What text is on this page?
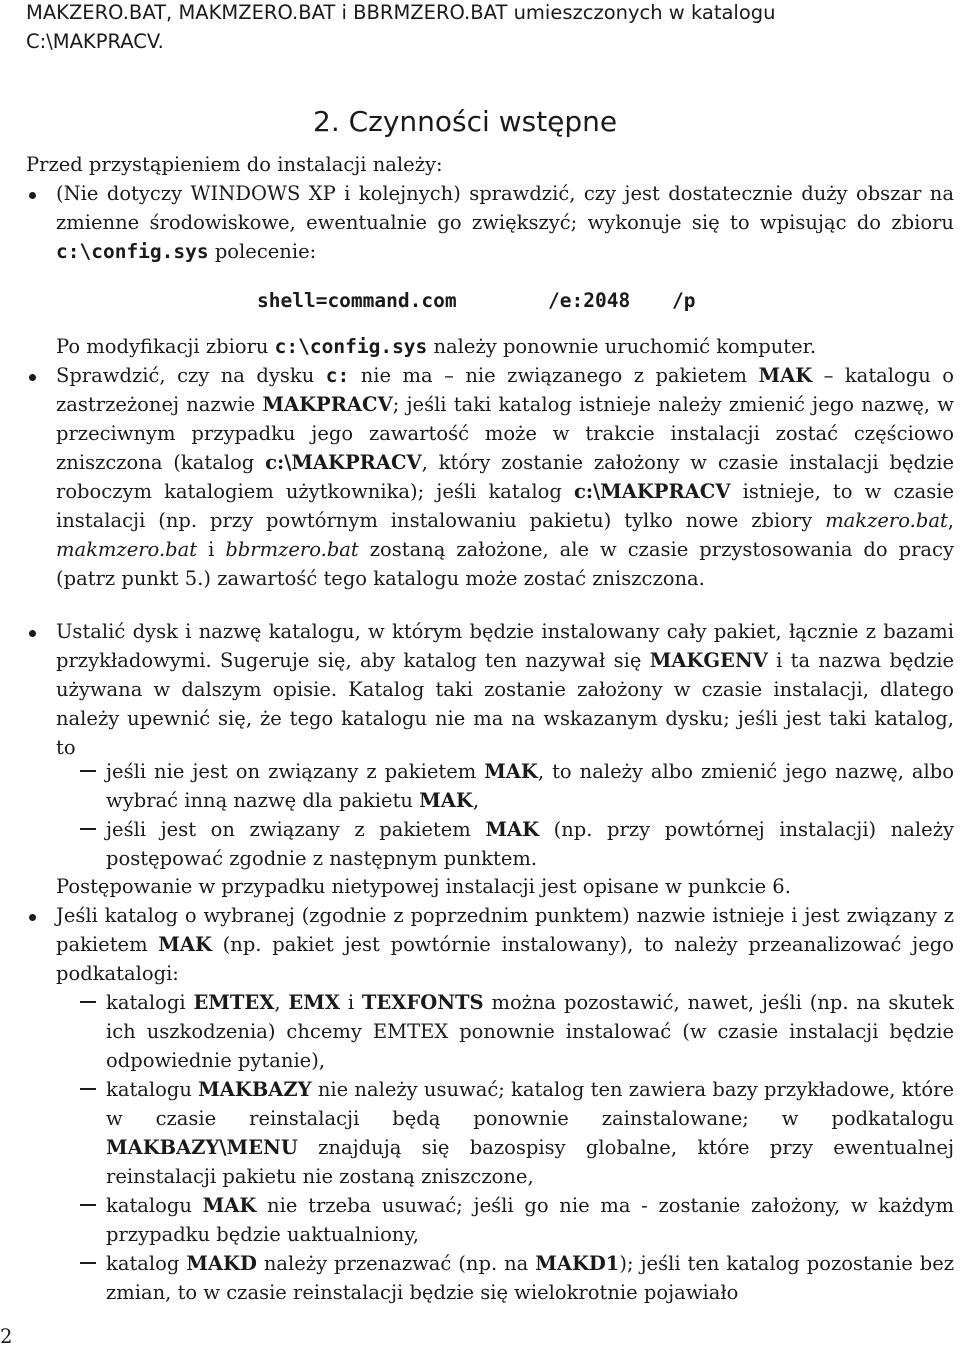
MAKZERO.BAT, MAKMZERO.BAT i BBRMZERO.BAT umieszczonych w katalogu
C:\MAKPRACV.
2. Czynności wstępne
Przed przystąpieniem do instalacji należy:
(Nie dotyczy WINDOWS XP i kolejnych) sprawdzić, czy jest dostatecznie duży obszar na zmienne środowiskowe, ewentualnie go zwiększyć; wykonuje się to wpisując do zbioru c:\config.sys polecenie:
shell=command.com	/e:2048 /p
Po modyfikacji zbioru c:\config.sys należy ponownie uruchomić komputer.
Sprawdzić, czy na dysku c: nie ma – nie związanego z pakietem MAK – katalogu o zastrzeżonej nazwie MAKPRACV; jeśli taki katalog istnieje należy zmienić jego nazwę, w przeciwnym przypadku jego zawartość może w trakcie instalacji zostać częściowo zniszczona (katalog c:\MAKPRACV, który zostanie założony w czasie instalacji będzie roboczym katalogiem użytkownika); jeśli katalog c:\MAKPRACV istnieje, to w czasie instalacji (np. przy powtórnym instalowaniu pakietu) tylko nowe zbiory makzero.bat, makmzero.bat i bbrmzero.bat zostaną założone, ale w czasie przystosowania do pracy (patrz punkt 5.) zawartość tego katalogu może zostać zniszczona.
Ustalić dysk i nazwę katalogu, w którym będzie instalowany cały pakiet, łącznie z bazami przykładowymi. Sugeruje się, aby katalog ten nazywał się MAKGENV i ta nazwa będzie używana w dalszym opisie. Katalog taki zostanie założony w czasie instalacji, dlatego należy upewnić się, że tego katalogu nie ma na wskazanym dysku; jeśli jest taki katalog, to
jeśli nie jest on związany z pakietem MAK, to należy albo zmienić jego nazwę, albo wybrać inną nazwę dla pakietu MAK,
jeśli jest on związany z pakietem MAK (np. przy powtórnej instalacji) należy postępować zgodnie z następnym punktem.
Postępowanie w przypadku nietypowej instalacji jest opisane w punkcie 6.
Jeśli katalog o wybranej (zgodnie z poprzednim punktem) nazwie istnieje i jest związany z pakietem MAK (np. pakiet jest powtórnie instalowany), to należy przeanalizować jego podkatalogi:
katalogi EMTEX, EMX i TEXFONTS można pozostawić, nawet, jeśli (np. na skutek ich uszkodzenia) chcemy EMTEX ponownie instalować (w czasie instalacji będzie odpowiednie pytanie),
katalogu MAKBAZY nie należy usuwać; katalog ten zawiera bazy przykładowe, które w czasie reinstalacji będą ponownie zainstalowane; w podkatalogu MAKBAZY\MENU znajdują się bazospisy globalne, które przy ewentualnej reinstalacji pakietu nie zostaną zniszczone,
katalogu MAK nie trzeba usuwać; jeśli go nie ma - zostanie założony, w każdym przypadku będzie uaktualniony,
katalog MAKD należy przenazwać (np. na MAKD1); jeśli ten katalog pozostanie bez zmian, to w czasie reinstalacji będzie się wielokrotnie pojawiało
2
